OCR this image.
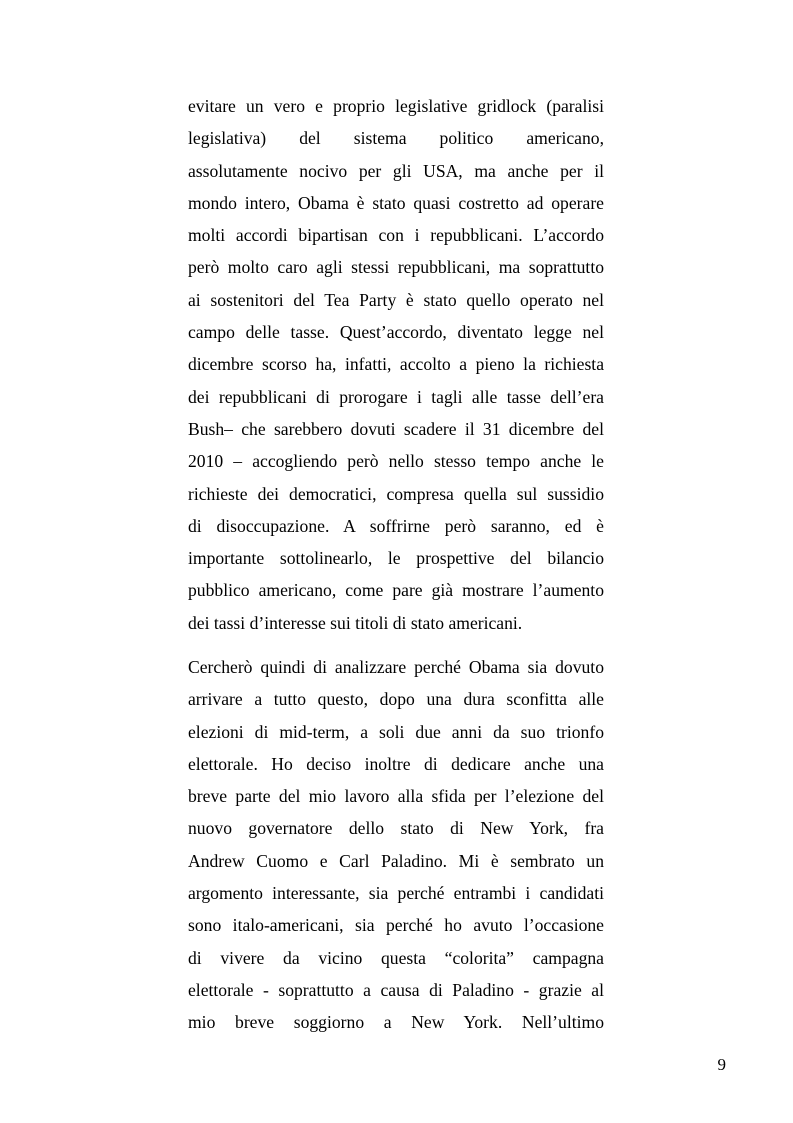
evitare un vero e proprio legislative gridlock (paralisi
legislativa) del sistema politico americano,
assolutamente nocivo per gli USA, ma anche per il
mondo intero, Obama è stato quasi costretto ad operare
molti accordi bipartisan con i repubblicani. L’accordo
però molto caro agli stessi repubblicani, ma soprattutto
ai sostenitori del Tea Party è stato quello operato nel
campo delle tasse. Quest’accordo, diventato legge nel
dicembre scorso ha, infatti, accolto a pieno la richiesta
dei repubblicani di prorogare i tagli alle tasse dell’era
Bush– che sarebbero dovuti scadere il 31 dicembre del
2010 – accogliendo però nello stesso tempo anche le
richieste dei democratici, compresa quella sul sussidio
di disoccupazione. A soffrirne però saranno, ed è
importante sottolinearlo, le prospettive del bilancio
pubblico americano, come pare già mostrare l’aumento
dei tassi d’interesse sui titoli di stato americani.
Cercherò quindi di analizzare perché Obama sia dovuto
arrivare a tutto questo, dopo una dura sconfitta alle
elezioni di mid-term, a soli due anni da suo trionfo
elettorale. Ho deciso inoltre di dedicare anche una
breve parte del mio lavoro alla sfida per l’elezione del
nuovo governatore dello stato di New York, fra
Andrew Cuomo e Carl Paladino. Mi è sembrato un
argomento interessante, sia perché entrambi i candidati
sono italo-americani, sia perché ho avuto l’occasione
di vivere da vicino questa “colorita” campagna
elettorale - soprattutto a causa di Paladino - grazie al
mio breve soggiorno a New York. Nell’ultimo
9
